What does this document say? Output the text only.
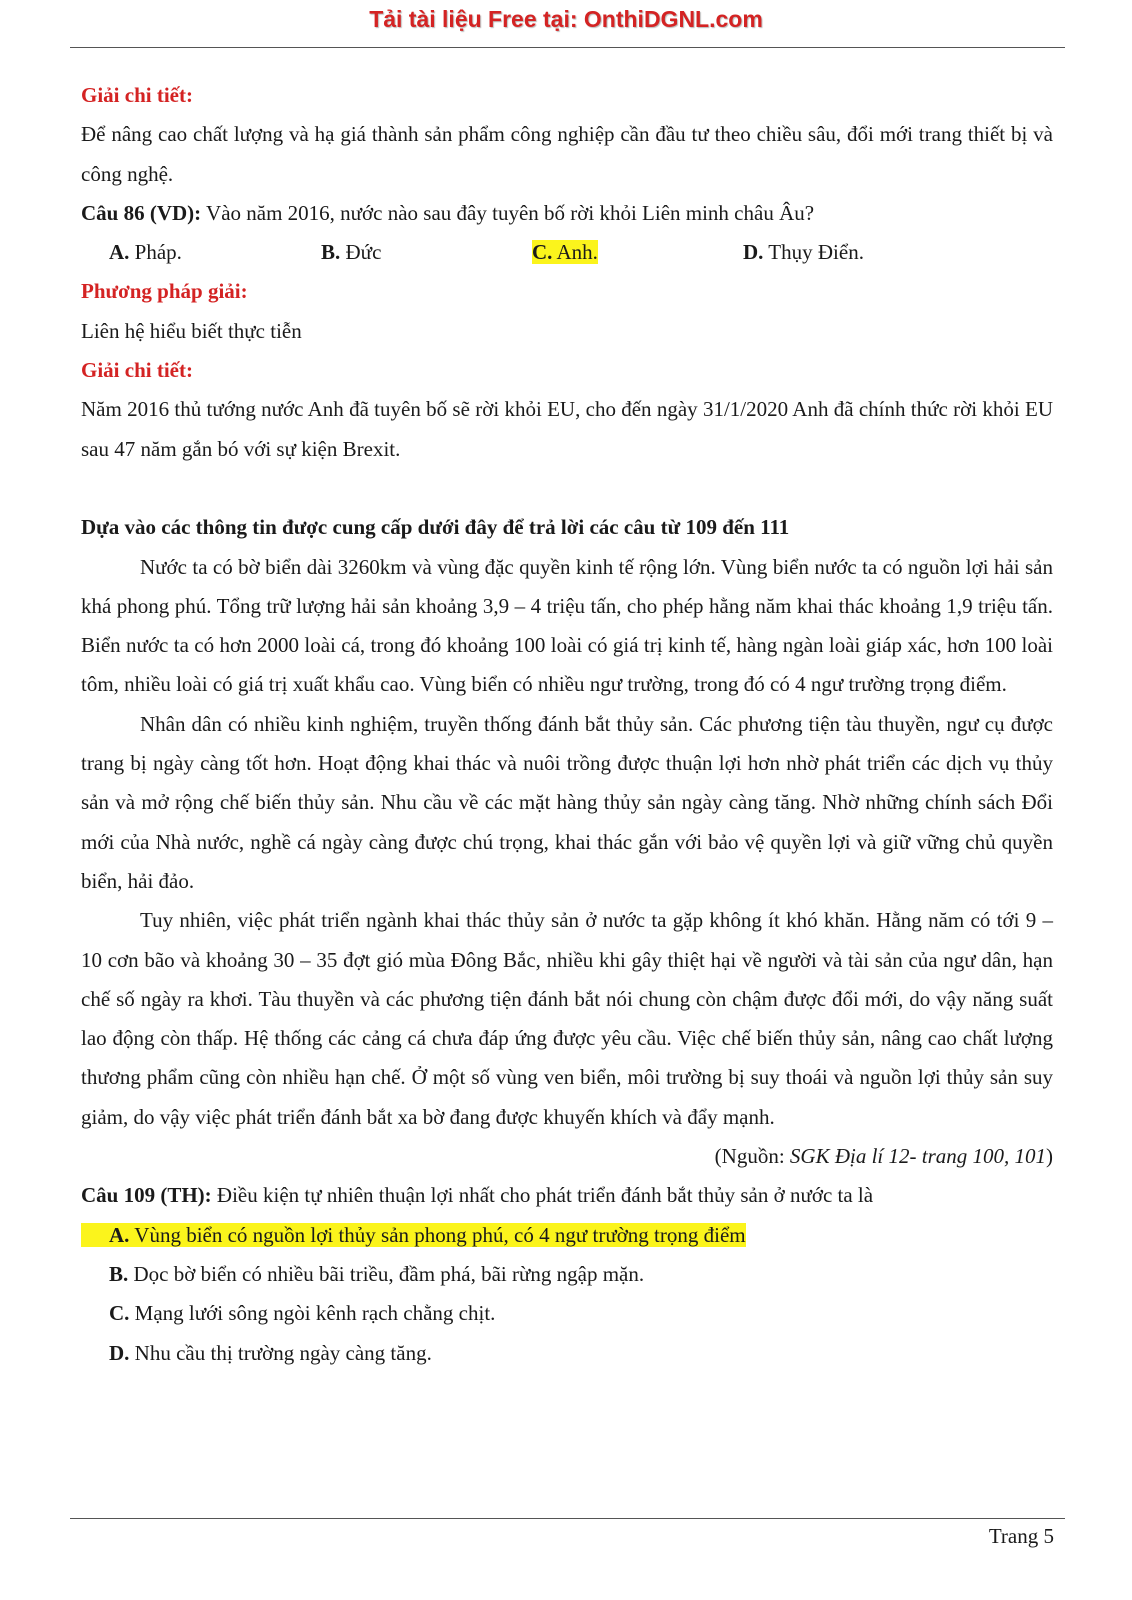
Tải tài liệu Free tại: OnthiDGNL.com
Giải chi tiết:
Để nâng cao chất lượng và hạ giá thành sản phẩm công nghiệp cần đầu tư theo chiều sâu, đổi mới trang thiết bị và công nghệ.
Câu 86 (VD): Vào năm 2016, nước nào sau đây tuyên bố rời khỏi Liên minh châu Âu?
A. Pháp.	B. Đức	C. Anh.	D. Thụy Điển.
Phương pháp giải:
Liên hệ hiểu biết thực tiễn
Giải chi tiết:
Năm 2016 thủ tướng nước Anh đã tuyên bố sẽ rời khỏi EU, cho đến ngày 31/1/2020 Anh đã chính thức rời khỏi EU sau 47 năm gắn bó với sự kiện Brexit.
Dựa vào các thông tin được cung cấp dưới đây để trả lời các câu từ 109 đến 111
Nước ta có bờ biển dài 3260km và vùng đặc quyền kinh tế rộng lớn. Vùng biển nước ta có nguồn lợi hải sản khá phong phú. Tổng trữ lượng hải sản khoảng 3,9 – 4 triệu tấn, cho phép hằng năm khai thác khoảng 1,9 triệu tấn. Biển nước ta có hơn 2000 loài cá, trong đó khoảng 100 loài có giá trị kinh tế, hàng ngàn loài giáp xác, hơn 100 loài tôm, nhiều loài có giá trị xuất khẩu cao. Vùng biển có nhiều ngư trường, trong đó có 4 ngư trường trọng điểm.
Nhân dân có nhiều kinh nghiệm, truyền thống đánh bắt thủy sản. Các phương tiện tàu thuyền, ngư cụ được trang bị ngày càng tốt hơn. Hoạt động khai thác và nuôi trồng được thuận lợi hơn nhờ phát triển các dịch vụ thủy sản và mở rộng chế biến thủy sản. Nhu cầu về các mặt hàng thủy sản ngày càng tăng. Nhờ những chính sách Đổi mới của Nhà nước, nghề cá ngày càng được chú trọng, khai thác gắn với bảo vệ quyền lợi và giữ vững chủ quyền biển, hải đảo.
Tuy nhiên, việc phát triển ngành khai thác thủy sản ở nước ta gặp không ít khó khăn. Hằng năm có tới 9 – 10 cơn bão và khoảng 30 – 35 đợt gió mùa Đông Bắc, nhiều khi gây thiệt hại về người và tài sản của ngư dân, hạn chế số ngày ra khơi. Tàu thuyền và các phương tiện đánh bắt nói chung còn chậm được đổi mới, do vậy năng suất lao động còn thấp. Hệ thống các cảng cá chưa đáp ứng được yêu cầu. Việc chế biến thủy sản, nâng cao chất lượng thương phẩm cũng còn nhiều hạn chế. Ở một số vùng ven biển, môi trường bị suy thoái và nguồn lợi thủy sản suy giảm, do vậy việc phát triển đánh bắt xa bờ đang được khuyến khích và đẩy mạnh.
(Nguồn: SGK Địa lí 12- trang 100, 101)
Câu 109 (TH): Điều kiện tự nhiên thuận lợi nhất cho phát triển đánh bắt thủy sản ở nước ta là
A. Vùng biển có nguồn lợi thủy sản phong phú, có 4 ngư trường trọng điểm
B. Dọc bờ biển có nhiều bãi triều, đầm phá, bãi rừng ngập mặn.
C. Mạng lưới sông ngòi kênh rạch chằng chịt.
D. Nhu cầu thị trường ngày càng tăng.
Trang 5
